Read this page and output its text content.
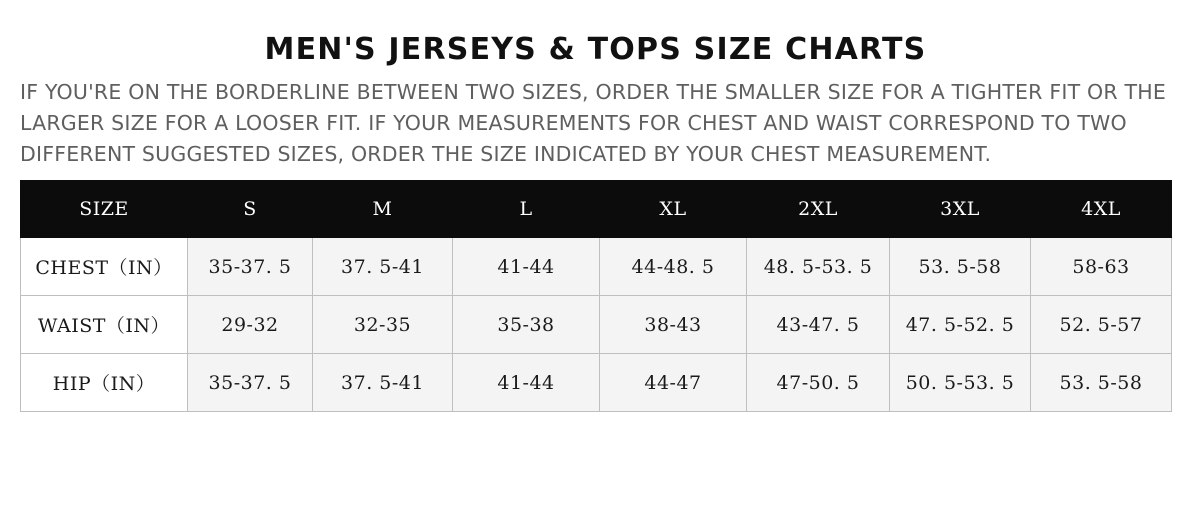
MEN'S JERSEYS & TOPS SIZE CHARTS

IF YOU'RE ON THE BORDERLINE BETWEEN TWO SIZES, ORDER THE SMALLER SIZE FOR A TIGHTER FIT OR THE LARGER SIZE FOR A LOOSER FIT. IF YOUR MEASUREMENTS FOR CHEST AND WAIST CORRESPOND TO TWO DIFFERENT SUGGESTED SIZES, ORDER THE SIZE INDICATED BY YOUR CHEST MEASUREMENT.

SIZE	S	M	L	XL	2XL	3XL	4XL
CHEST（IN）	35-37. 5	37. 5-41	41-44	44-48. 5	48. 5-53. 5	53. 5-58	58-63
WAIST（IN）	29-32	32-35	35-38	38-43	43-47. 5	47. 5-52. 5	52. 5-57
HIP（IN）	35-37. 5	37. 5-41	41-44	44-47	47-50. 5	50. 5-53. 5	53. 5-58
